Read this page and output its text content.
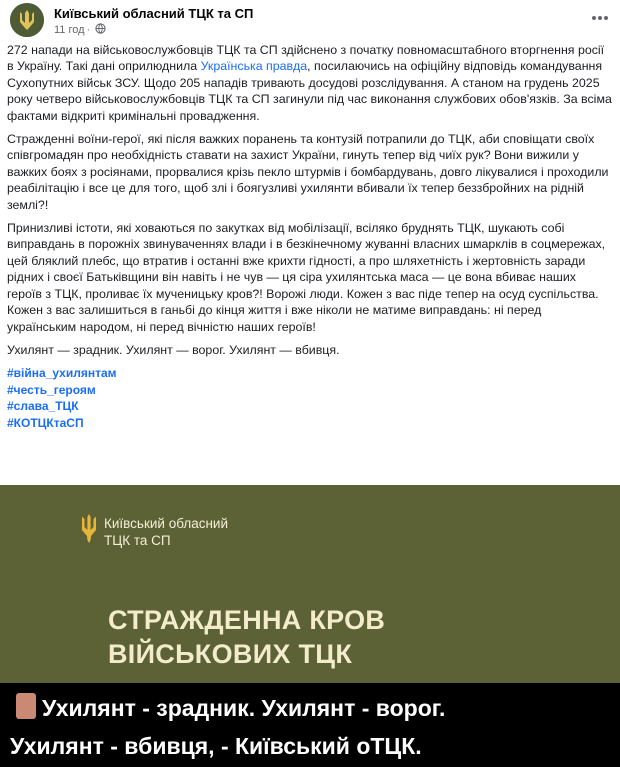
Київський обласний ТЦК та СП
11 год ·

272 напади на військовослужбовців ТЦК та СП здійснено з початку повномасштабного вторгнення росії в Україну. Такі дані оприлюднила Українська правда, посилаючись на офіційну відповідь командування Сухопутних військ ЗСУ. Щодо 205 нападів тривають досудові розслідування. А станом на грудень 2025 року четверо військовослужбовців ТЦК та СП загинули під час виконання службових обов'язків. За всіма фактами відкриті кримінальні провадження.

Стражденні воїни-герої, які після важких поранень та контузій потрапили до ТЦК, аби сповіщати своїх співгромадян про необхідність ставати на захист України, гинуть тепер від чиїх рук? Вони вижили у важких боях з росіянами, прорвалися крізь пекло штурмів і бомбардувань, довго лікувалися і проходили реабілітацію і все це для того, щоб злі і боягузливі ухилянти вбивали їх тепер беззбройних на рідній землі?!

Принизливі істоти, які ховаються по закутках від мобілізації, всіляко бруднять ТЦК, шукають собі виправдань в порожніх звинуваченнях влади і в безкінечному жуванні власних шмарклів в соцмережах, цей бляклий плебс, що втратив і останні вже крихти гідності, а про шляхетність і жертовність заради рідних і своєї Батьківщини він навіть і не чув — ця сіра ухилянтська маса — це вона вбиває наших героїв з ТЦК, проливає їх мученицьку кров?! Ворожі люди. Кожен з вас піде тепер на осуд суспільства. Кожен з вас залишиться в ганьбі до кінця життя і вже ніколи не матиме виправдань: ні перед українським народом, ні перед вічністю наших героїв!

Ухилянт — зрадник. Ухилянт — ворог. Ухилянт — вбивця.

#війна_ухилянтам
#честь_героям
#слава_ТЦК
#КОТЦКтаСП
Київський обласний
ТЦК та СП
СТРАЖДЕННА КРОВ
ВІЙСЬКОВИХ ТЦК
Ухилянт - зрадник. Ухилянт - ворог.
Ухилянт - вбивця, - Київський оТЦК.
